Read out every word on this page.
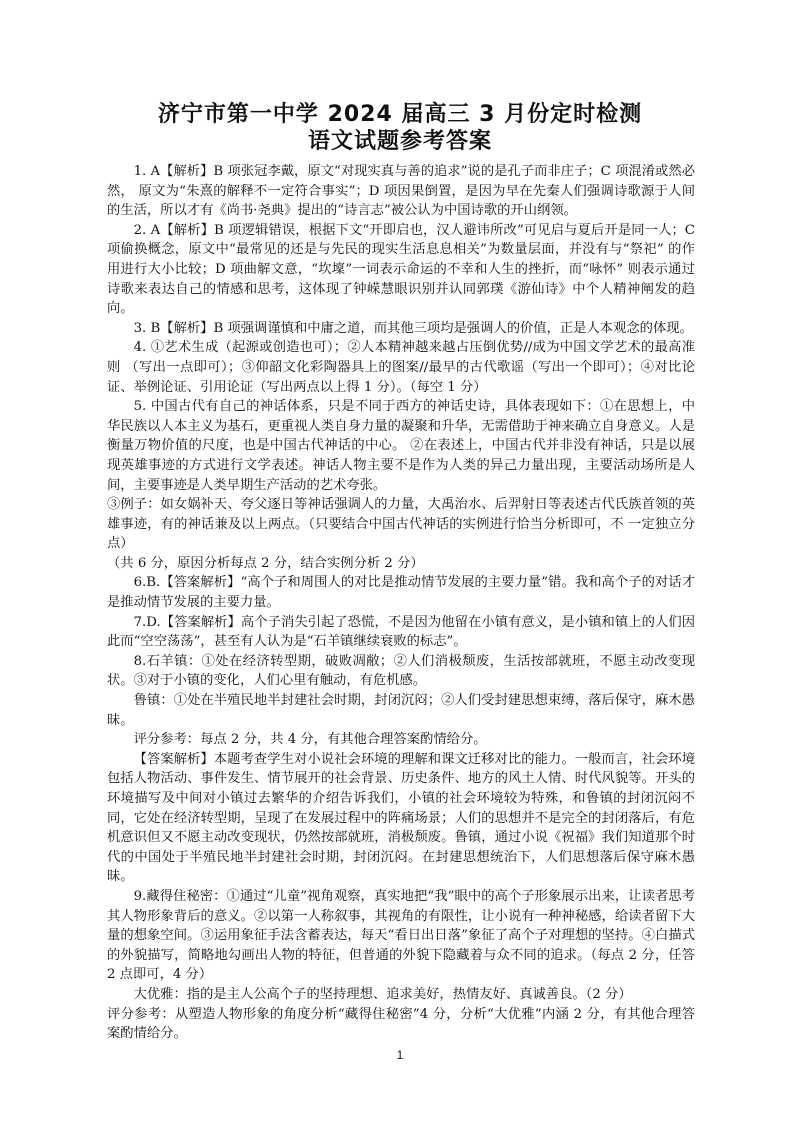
济宁市第一中学 2024 届高三 3 月份定时检测
语文试题参考答案

1. A【解析】B 项张冠李戴，原文“对现实真与善的追求”说的是孔子而非庄子；C 项混淆或然必然， 原文为“朱熹的解释不一定符合事实”；D 项因果倒置，是因为早在先秦人们强调诗歌源于人间的生活，所以才有《尚书·尧典》提出的“诗言志”被公认为中国诗歌的开山纲领。

2. A【解析】B 项逻辑错误，根据下文“开即启也，汉人避讳所改”可见启与夏后开是同一人；C 项偷换概念，原文中“最常见的还是与先民的现实生活息息相关”为数量层面，并没有与“祭祀” 的作用进行大小比较；D 项曲解文意，“坎壈”一词表示命运的不幸和人生的挫折，而“咏怀” 则表示通过诗歌来表达自己的情感和思考，这体现了钟嵘慧眼识别并认同郭璞《游仙诗》中个人精神阐发的趋向。

3. B【解析】B 项强调谨慎和中庸之道，而其他三项均是强调人的价值，正是人本观念的体现。

4. ①艺术生成（起源或创造也可）；②人本精神越来越占压倒优势//成为中国文学艺术的最高准则 （写出一点即可）；③仰韶文化彩陶器具上的图案//最早的古代歌谣（写出一个即可）；④对比论证、举例论证、引用论证（写出两点以上得 1 分）。（每空 1 分）

5. 中国古代有自己的神话体系，只是不同于西方的神话史诗，具体表现如下：①在思想上，中华民族以人本主义为基石，更重视人类自身力量的凝聚和升华，无需借助于神来确立自身意义。人是衡量万物价值的尺度，也是中国古代神话的中心。 ②在表述上，中国古代并非没有神话，只是以展现英雄事迹的方式进行文学表述。神话人物主要不是作为人类的异己力量出现，主要活动场所是人间，主要事迹是人类早期生产活动的艺术夸张。

③例子：如女娲补天、夸父逐日等神话强调人的力量，大禹治水、后羿射日等表述古代氏族首领的英雄事迹，有的神话兼及以上两点。（只要结合中国古代神话的实例进行恰当分析即可，不 一定独立分点）

（共 6 分，原因分析每点 2 分，结合实例分析 2 分）

6.B.【答案解析】“高个子和周围人的对比是推动情节发展的主要力量”错。我和高个子的对话才是推动情节发展的主要力量。

7.D.【答案解析】高个子消失引起了恐慌，不是因为他留在小镇有意义，是小镇和镇上的人们因此而“空空荡荡”，甚至有人认为是“石羊镇继续衰败的标志”。

8.石羊镇：①处在经济转型期，破败凋敝；②人们消极颓废，生活按部就班，不愿主动改变现状。③对于小镇的变化，人们心里有触动，有危机感。

鲁镇：①处在半殖民地半封建社会时期，封闭沉闷；②人们受封建思想束缚，落后保守，麻木愚昧。

评分参考：每点 2 分，共 4 分，有其他合理答案酌情给分。

【答案解析】本题考查学生对小说社会环境的理解和课文迁移对比的能力。一般而言，社会环境包括人物活动、事件发生、情节展开的社会背景、历史条件、地方的风土人情、时代风貌等。开头的环境描写及中间对小镇过去繁华的介绍告诉我们，小镇的社会环境较为特殊，和鲁镇的封闭沉闷不同，它处在经济转型期，呈现了在发展过程中的阵痛场景；人们的思想并不是完全的封闭落后，有危机意识但又不愿主动改变现状，仍然按部就班，消极颓废。鲁镇，通过小说《祝福》我们知道那个时代的中国处于半殖民地半封建社会时期，封闭沉闷。在封建思想统治下，人们思想落后保守麻木愚昧。

9.藏得住秘密：①通过“儿童”视角观察，真实地把“我”眼中的高个子形象展示出来，让读者思考其人物形象背后的意义。②以第一人称叙事，其视角的有限性，让小说有一种神秘感，给读者留下大量的想象空间。③运用象征手法含蓄表达，每天“看日出日落”象征了高个子对理想的坚持。④白描式的外貌描写，简略地勾画出人物的特征，但普通的外貌下隐藏着与众不同的追求。（每点 2 分，任答 2 点即可，4 分）

大优雅：指的是主人公高个子的坚持理想、追求美好，热情友好、真诚善良。（2 分）

评分参考：从塑造人物形象的角度分析“藏得住秘密”4 分，分析“大优雅”内涵 2 分，有其他合理答案酌情给分。

1
